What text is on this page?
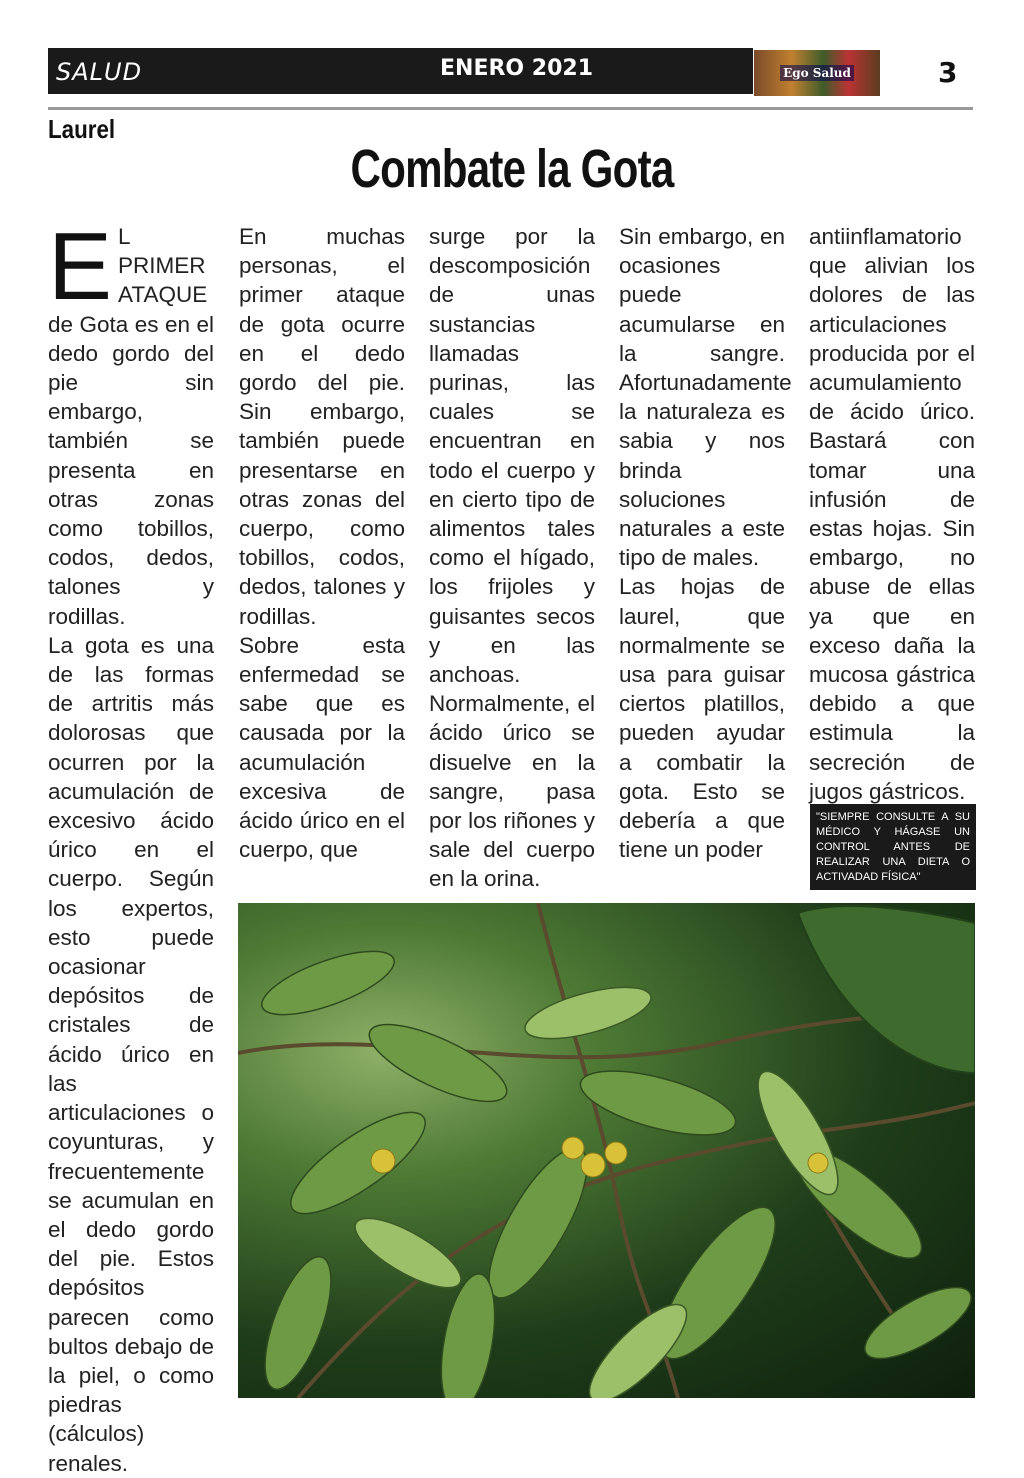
SALUD	ENERO 2021	Ego Salud	3
Laurel
Combate la Gota
E L PRIMER ATAQUE de Gota es en el dedo gordo del pie sin embargo, también se presenta en otras zonas como tobillos, codos, dedos, talones y rodillas.

La gota es una de las formas de artritis más dolorosas que ocurren por la acumulación de excesivo ácido úrico en el cuerpo. Según los expertos, esto puede ocasionar depósitos de cristales de ácido úrico en las articulaciones o coyunturas, y frecuentemente se acumulan en el dedo gordo del pie. Estos depósitos parecen como bultos debajo de la piel, o como piedras (cálculos) renales.

En muchas personas, el primer ataque de gota ocurre en el dedo gordo del pie. Sin embargo, también puede presentarse en otras zonas del cuerpo, como tobillos, codos, dedos, talones y rodillas.

Sobre esta enfermedad se sabe que es causada por la acumulación excesiva de ácido úrico en el cuerpo, que

surge por la descomposición de unas sustancias llamadas purinas, las cuales se encuentran en todo el cuerpo y en cierto tipo de alimentos tales como el hígado, los frijoles y guisantes secos y en las anchoas.

Normalmente, el ácido úrico se disuelve en la sangre, pasa por los riñones y sale del cuerpo en la orina.

Sin embargo, en ocasiones puede acumularse en la sangre. Afortunadamente la naturaleza es sabia y nos brinda soluciones naturales a este tipo de males.

Las hojas de laurel, que normalmente se usa para guisar ciertos platillos, pueden ayudar a combatir la gota. Esto se debería a que tiene un poder

antiinflamatorio que alivian los dolores de las articulaciones producida por el acumulamiento de ácido úrico. Bastará con tomar una infusión de estas hojas. Sin embargo, no abuse de ellas ya que en exceso daña la mucosa gástrica debido a que estimula la secreción de jugos gástricos.

"SIEMPRE CONSULTE A SU MÉDICO Y HÁGASE UN CONTROL ANTES DE REALIZAR UNA DIETA O ACTIVADAD FÍSICA"
